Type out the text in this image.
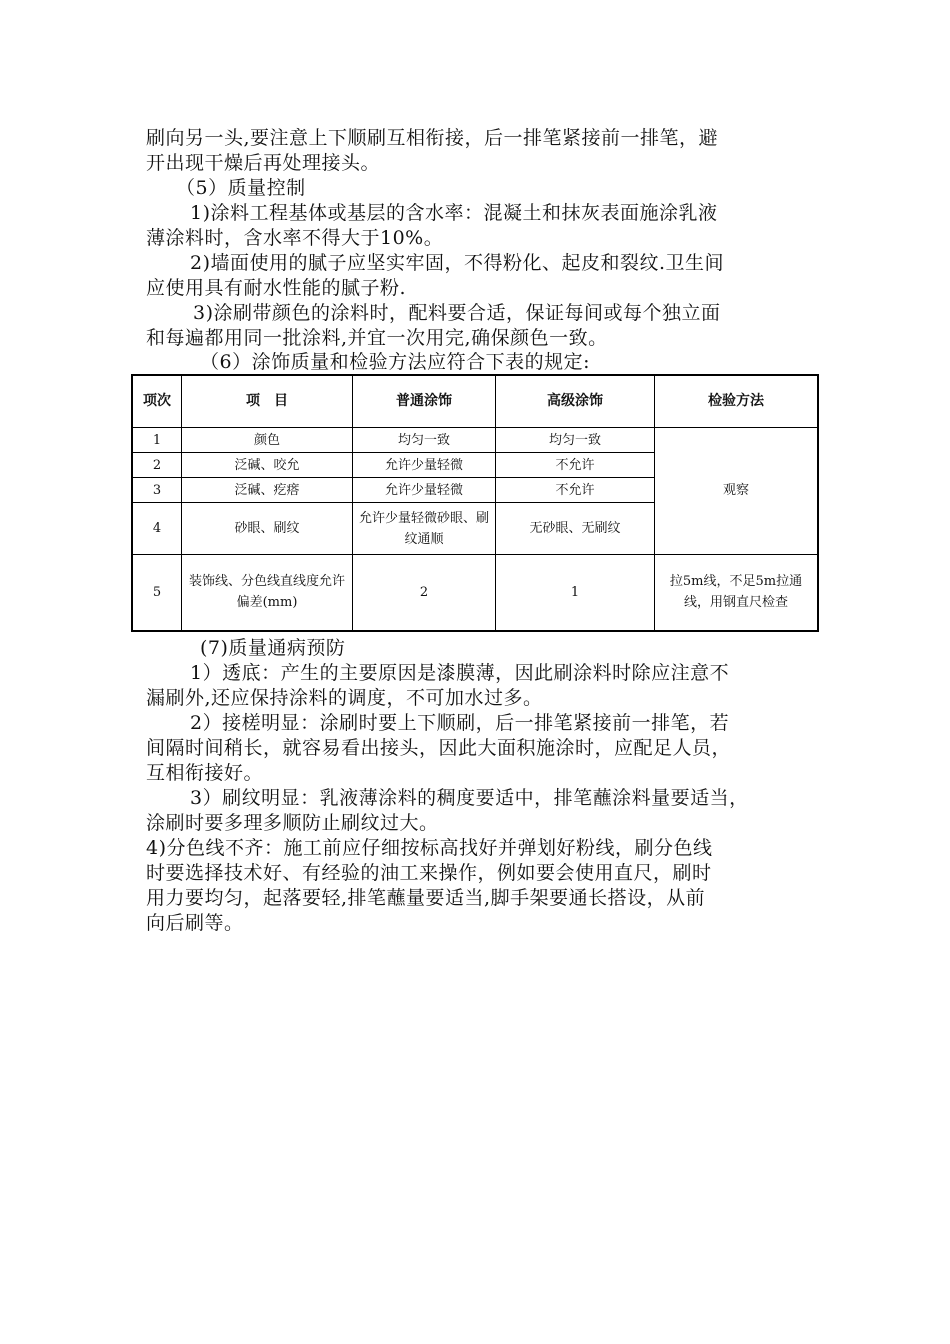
刷向另一头,要注意上下顺刷互相衔接，后一排笔紧接前一排笔，避
开出现干燥后再处理接头。
（5）质量控制
1)涂料工程基体或基层的含水率：混凝土和抹灰表面施涂乳液
薄涂料时，含水率不得大于10%。
2)墙面使用的腻子应坚实牢固，不得粉化、起皮和裂纹.卫生间
应使用具有耐水性能的腻子粉.
3)涂刷带颜色的涂料时，配料要合适，保证每间或每个独立面
和每遍都用同一批涂料,并宜一次用完,确保颜色一致。
（6）涂饰质量和检验方法应符合下表的规定:
项次	项　目	普通涂饰	高级涂饰	检验方法
1	颜色	均匀一致	均匀一致	观察
2	泛碱、咬允	允许少量轻微	不允许	
3	泛碱、疙瘩	允许少量轻微	不允许	
4	砂眼、刷纹	允许少量轻微砂眼、刷纹通顺	无砂眼、无刷纹	
5	装饰线、分色线直线度允许偏差(mm)	2	1	拉5m线，不足5m拉通线，用钢直尺检查
(7)质量通病预防
1）透底：产生的主要原因是漆膜薄，因此刷涂料时除应注意不
漏刷外,还应保持涂料的调度，不可加水过多。
2）接槎明显：涂刷时要上下顺刷，后一排笔紧接前一排笔，若
间隔时间稍长，就容易看出接头，因此大面积施涂时，应配足人员，
互相衔接好。
3）刷纹明显：乳液薄涂料的稠度要适中，排笔蘸涂料量要适当，
涂刷时要多理多顺防止刷纹过大。
4)分色线不齐：施工前应仔细按标高找好并弹划好粉线，刷分色线
时要选择技术好、有经验的油工来操作，例如要会使用直尺，刷时
用力要均匀，起落要轻,排笔蘸量要适当,脚手架要通长搭设，从前
向后刷等。
